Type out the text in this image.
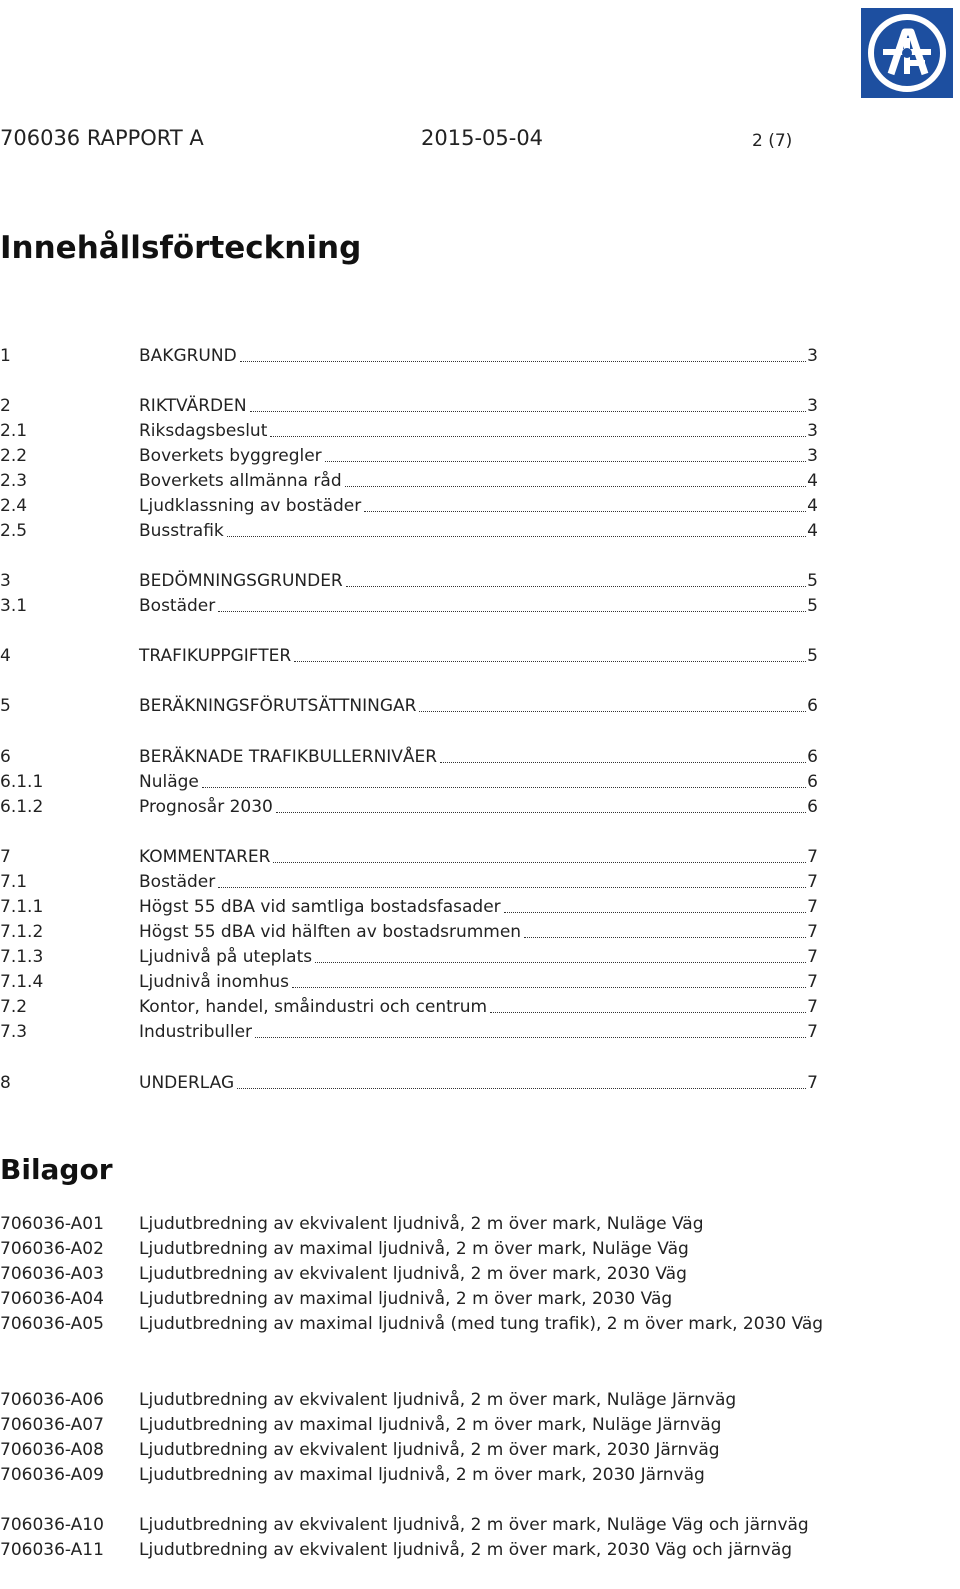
706036 RAPPORT A	2015-05-04	2 (7)
Innehållsförteckning
1	BAKGRUND	3
2	RIKTVÄRDEN	3
2.1	Riksdagsbeslut	3
2.2	Boverkets byggregler	3
2.3	Boverkets allmänna råd	4
2.4	Ljudklassning av bostäder	4
2.5	Busstrafik	4
3	BEDÖMNINGSGRUNDER	5
3.1	Bostäder	5
4	TRAFIKUPPGIFTER	5
5	BERÄKNINGSFÖRUTSÄTTNINGAR	6
6	BERÄKNADE TRAFIKBULLERNIVÅER	6
6.1.1	Nuläge	6
6.1.2	Prognosår 2030	6
7	KOMMENTARER	7
7.1	Bostäder	7
7.1.1	Högst 55 dBA vid samtliga bostadsfasader	7
7.1.2	Högst 55 dBA vid hälften av bostadsrummen	7
7.1.3	Ljudnivå på uteplats	7
7.1.4	Ljudnivå inomhus	7
7.2	Kontor, handel, småindustri och centrum	7
7.3	Industribuller	7
8	UNDERLAG	7
Bilagor
706036-A01	Ljudutbredning av ekvivalent ljudnivå, 2 m över mark, Nuläge Väg
706036-A02	Ljudutbredning av maximal ljudnivå, 2 m över mark, Nuläge Väg
706036-A03	Ljudutbredning av ekvivalent ljudnivå, 2 m över mark, 2030 Väg
706036-A04	Ljudutbredning av maximal ljudnivå, 2 m över mark, 2030 Väg
706036-A05	Ljudutbredning av maximal ljudnivå (med tung trafik), 2 m över mark, 2030 Väg
706036-A06	Ljudutbredning av ekvivalent ljudnivå, 2 m över mark, Nuläge Järnväg
706036-A07	Ljudutbredning av maximal ljudnivå, 2 m över mark, Nuläge Järnväg
706036-A08	Ljudutbredning av ekvivalent ljudnivå, 2 m över mark, 2030 Järnväg
706036-A09	Ljudutbredning av maximal ljudnivå, 2 m över mark, 2030 Järnväg
706036-A10	Ljudutbredning av ekvivalent ljudnivå, 2 m över mark, Nuläge Väg och järnväg
706036-A11	Ljudutbredning av ekvivalent ljudnivå, 2 m över mark, 2030 Väg och järnväg
